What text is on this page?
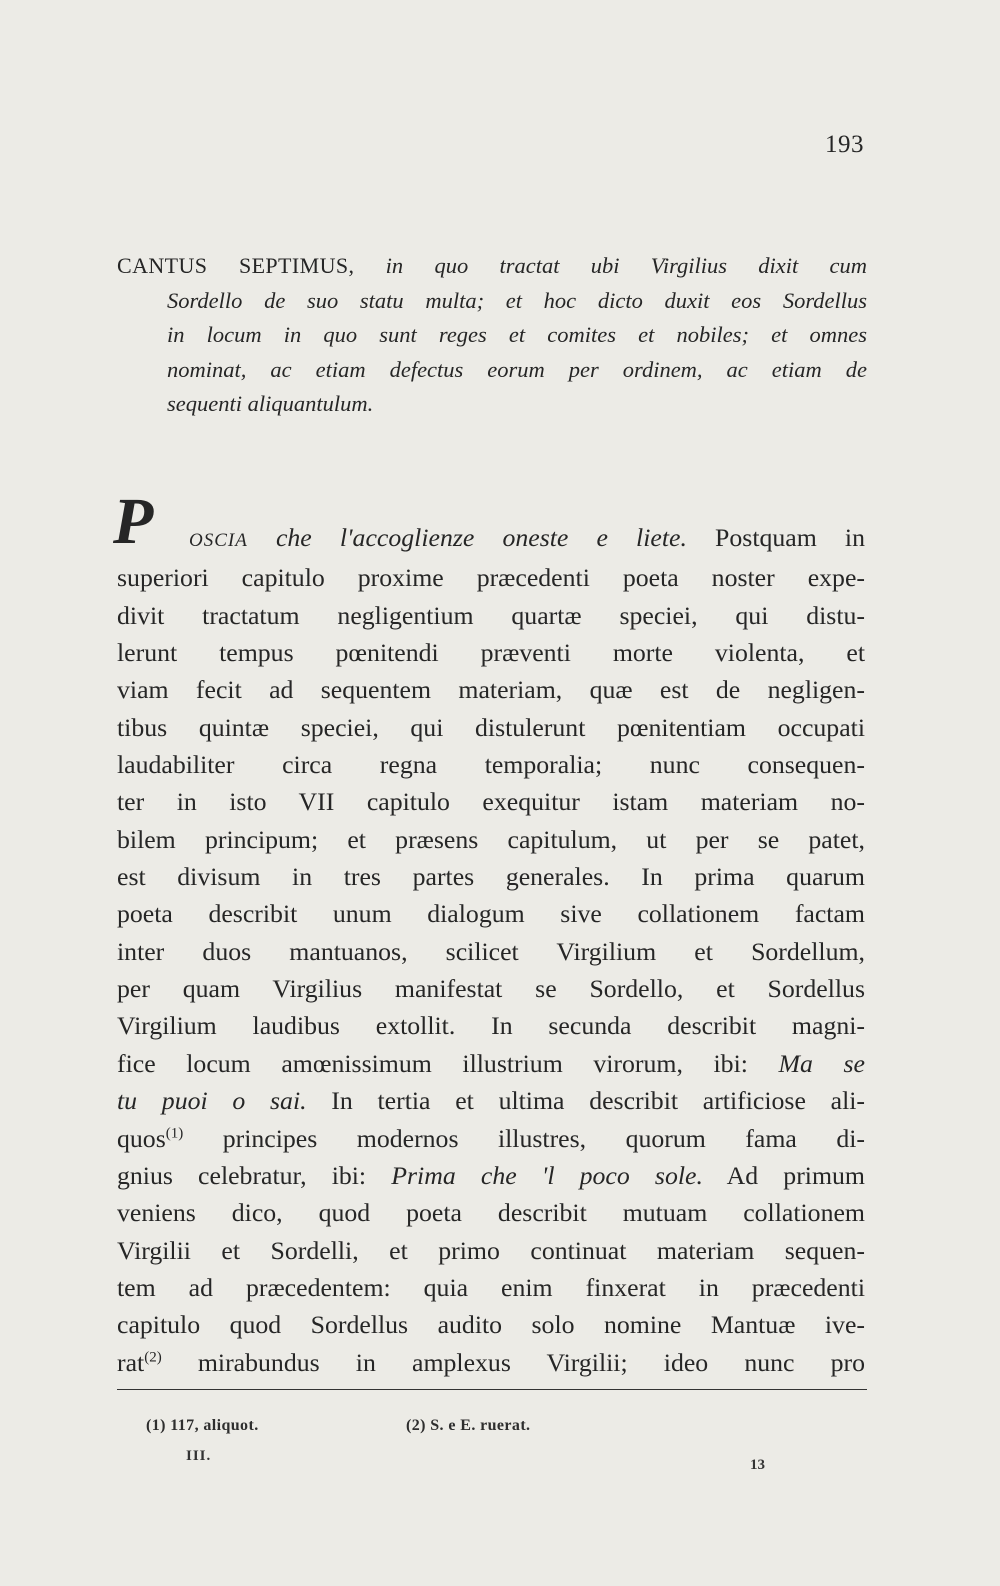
193
CANTUS SEPTIMUS, in quo tractat ubi Virgilius dixit cum
Sordello de suo statu multa; et hoc dicto duxit eos Sordellus
in locum in quo sunt reges et comites et nobiles; et omnes
nominat, ac etiam defectus eorum per ordinem, ac etiam de
sequenti aliquantulum.
P	OSCIA che l'accoglienze oneste e liete. Postquam in
superiori capitulo proxime præcedenti poeta noster expe-
divit tractatum negligentium quartæ speciei, qui distu-
lerunt tempus pœnitendi præventi morte violenta, et
viam fecit ad sequentem materiam, quæ est de negligen-
tibus quintæ speciei, qui distulerunt pœnitentiam occupati
laudabiliter circa regna temporalia; nunc consequen-
ter in isto VII capitulo exequitur istam materiam no-
bilem principum; et præsens capitulum, ut per se patet,
est divisum in tres partes generales. In prima quarum
poeta describit unum dialogum sive collationem factam
inter duos mantuanos, scilicet Virgilium et Sordellum,
per quam Virgilius manifestat se Sordello, et Sordellus
Virgilium laudibus extollit. In secunda describit magni-
fice locum amœnissimum illustrium virorum, ibi: Ma se
tu puoi o sai. In tertia et ultima describit artificiose ali-
quos$^{(1)}$ principes modernos illustres, quorum fama di-
gnius celebratur, ibi: Prima che 'l poco sole. Ad primum
veniens dico, quod poeta describit mutuam collationem
Virgilii et Sordelli, et primo continuat materiam sequen-
tem ad præcedentem: quia enim finxerat in præcedenti
capitulo quod Sordellus audito solo nomine Mantuæ ive-
rat$^{(2)}$ mirabundus in amplexus Virgilii; ideo nunc pro
(1) 117, aliquot.	(2) S. e E. ruerat.
III.
13
